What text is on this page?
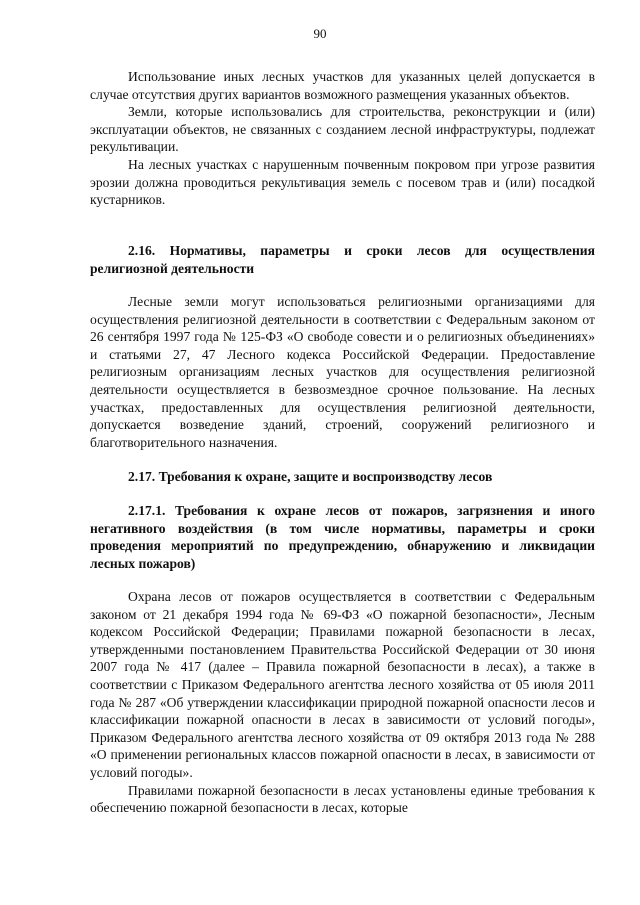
90

Использование иных лесных участков для указанных целей допускается в случае отсутствия других вариантов возможного размещения указанных объектов.

Земли, которые использовались для строительства, реконструкции и (или) эксплуатации объектов, не связанных с созданием лесной инфраструктуры, подлежат рекультивации.

На лесных участках с нарушенным почвенным покровом при угрозе развития эрозии должна проводиться рекультивация земель с посевом трав и (или) посадкой кустарников.

2.16. Нормативы, параметры и сроки лесов для осуществления религиозной деятельности
Лесные земли могут использоваться религиозными организациями для осуществления религиозной деятельности в соответствии с Федеральным законом от 26 сентября 1997 года № 125-ФЗ «О свободе совести и о религиозных объединениях» и статьями 27, 47 Лесного кодекса Российской Федерации. Предоставление религиозным организациям лесных участков для осуществления религиозной деятельности осуществляется в безвозмездное срочное пользование. На лесных участках, предоставленных для осуществления религиозной деятельности, допускается возведение зданий, строений, сооружений религиозного и благотворительного назначения.
2.17. Требования к охране, защите и воспроизводству лесов
2.17.1. Требования к охране лесов от пожаров, загрязнения и иного негативного воздействия (в том числе нормативы, параметры и сроки проведения мероприятий по предупреждению, обнаружению и ликвидации лесных пожаров)

Охрана лесов от пожаров осуществляется в соответствии с Федеральным законом от 21 декабря 1994 года № 69-ФЗ «О пожарной безопасности», Лесным кодексом Российской Федерации; Правилами пожарной безопасности в лесах, утвержденными постановлением Правительства Российской Федерации от 30 июня 2007 года № 417 (далее – Правила пожарной безопасности в лесах), а также в соответствии с Приказом Федерального агентства лесного хозяйства от 05 июля 2011 года № 287 «Об утверждении классификации природной пожарной опасности лесов и классификации пожарной опасности в лесах в зависимости от условий погоды», Приказом Федерального агентства лесного хозяйства от 09 октября 2013 года № 288 «О применении региональных классов пожарной опасности в лесах, в зависимости от условий погоды».

Правилами пожарной безопасности в лесах установлены единые требования к обеспечению пожарной безопасности в лесах, которые
